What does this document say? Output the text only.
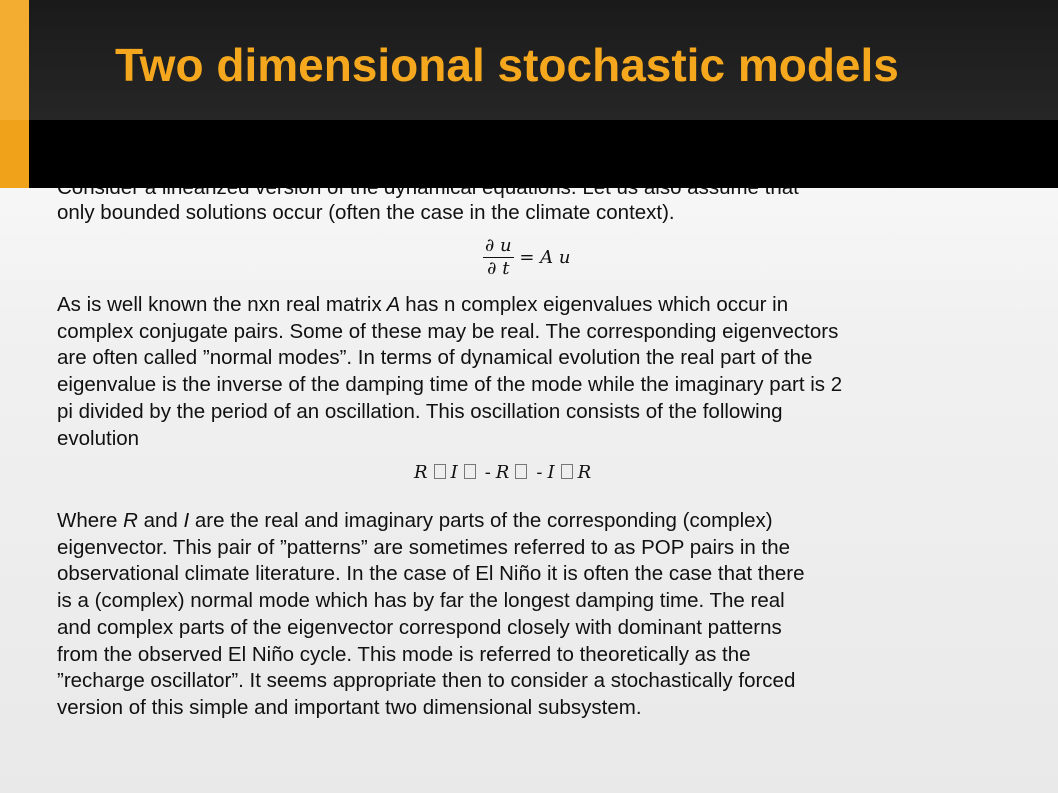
Two dimensional stochastic models

only bounded solutions occur (often the case in the climate context).

$\frac{\partial u}{\partial t} = A$ u

As is well known the nxn real matrix A has n complex eigenvalues which occur in
complex conjugate pairs. Some of these may be real. The corresponding eigenvectors
are often called ”normal modes”. In terms of dynamical evolution the real part of the
eigenvalue is the inverse of the damping time of the mode while the imaginary part is 2
pi divided by the period of an oscillation. This oscillation consists of the following
evolution

R I - R - I R

Where R and I are the real and imaginary parts of the corresponding (complex)
eigenvector. This pair of ”patterns” are sometimes referred to as POP pairs in the
observational climate literature. In the case of El Niño it is often the case that there
is a (complex) normal mode which has by far the longest damping time. The real
and complex parts of the eigenvector correspond closely with dominant patterns
from the observed El Niño cycle. This mode is referred to theoretically as the
”recharge oscillator”. It seems appropriate then to consider a stochastically forced
version of this simple and important two dimensional subsystem.
